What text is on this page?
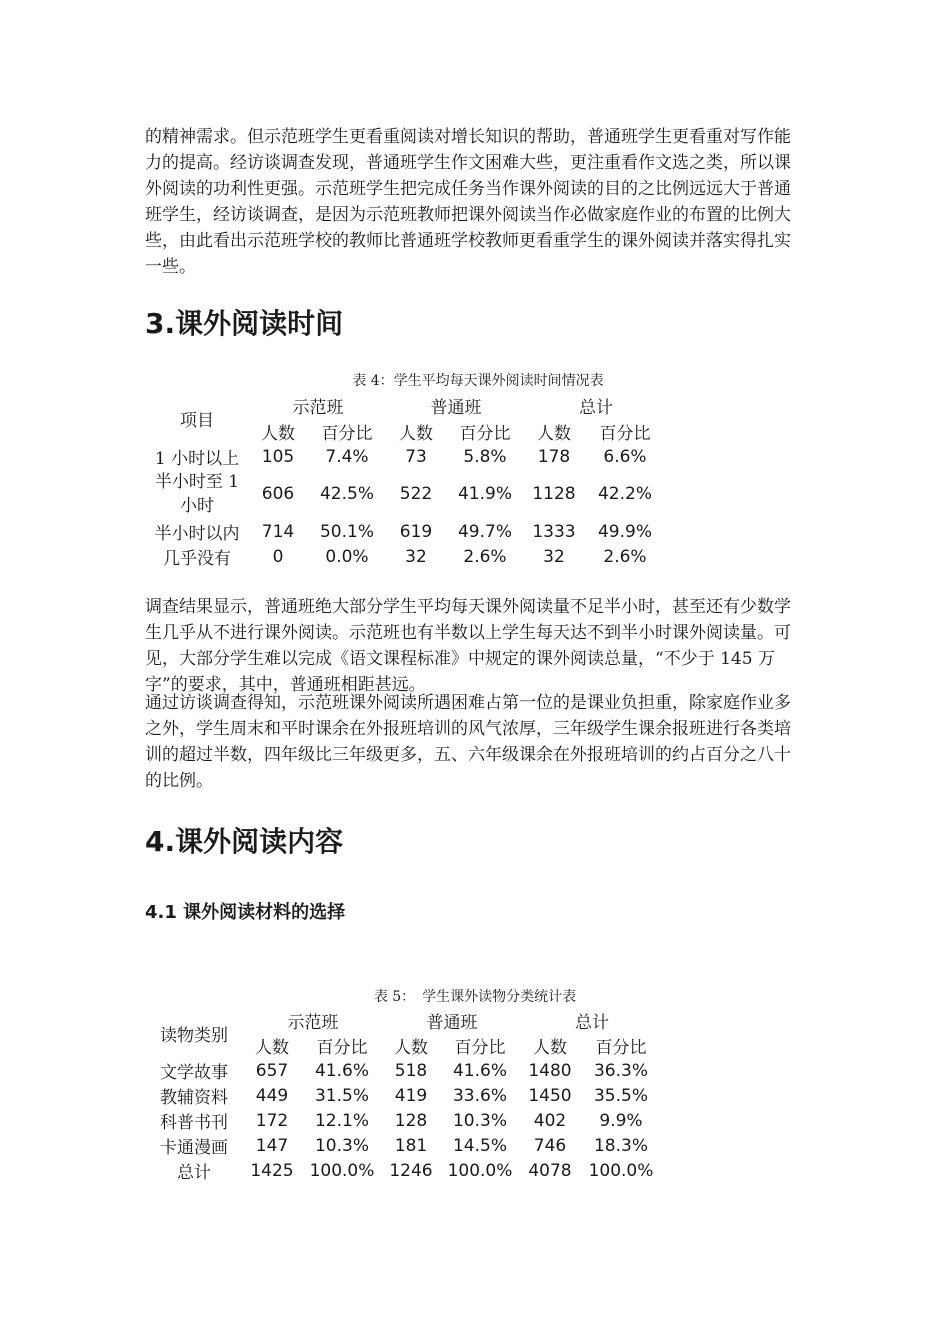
的精神需求。但示范班学生更看重阅读对增长知识的帮助，普通班学生更看重对写作能力的提高。经访谈调查发现，普通班学生作文困难大些，更注重看作文选之类，所以课外阅读的功利性更强。示范班学生把完成任务当作课外阅读的目的之比例远远大于普通班学生，经访谈调查，是因为示范班教师把课外阅读当作必做家庭作业的布置的比例大些，由此看出示范班学校的教师比普通班学校教师更看重学生的课外阅读并落实得扎实一些。

3.课外阅读时间
表 4：学生平均每天课外阅读时间情况表
项目	示范班		普通班		总计	
	人数	百分比	人数	百分比	人数	百分比
1 小时以上	105	7.4%	73	5.8%	178	6.6%
半小时至 1 小时	606	42.5%	522	41.9%	1128	42.2%
半小时以内	714	50.1%	619	49.7%	1333	49.9%
几乎没有	0	0.0%	32	2.6%	32	2.6%

调查结果显示，普通班绝大部分学生平均每天课外阅读量不足半小时，甚至还有少数学生几乎从不进行课外阅读。示范班也有半数以上学生每天达不到半小时课外阅读量。可见，大部分学生难以完成《语文课程标准》中规定的课外阅读总量，“不少于 145 万字”的要求，其中，普通班相距甚远。

通过访谈调查得知，示范班课外阅读所遇困难占第一位的是课业负担重，除家庭作业多之外，学生周末和平时课余在外报班培训的风气浓厚，三年级学生课余报班进行各类培训的超过半数，四年级比三年级更多，五、六年级课余在外报班培训的约占百分之八十的比例。

4.课外阅读内容
4.1 课外阅读材料的选择
表 5：　学生课外读物分类统计表
读物类别	示范班		普通班		总计	
	人数	百分比	人数	百分比	人数	百分比
文学故事	657	41.6%	518	41.6%	1480	36.3%
教辅资料	449	31.5%	419	33.6%	1450	35.5%
科普书刊	172	12.1%	128	10.3%	402	9.9%
卡通漫画	147	10.3%	181	14.5%	746	18.3%
总计	1425	100.0%	1246	100.0%	4078	100.0%
